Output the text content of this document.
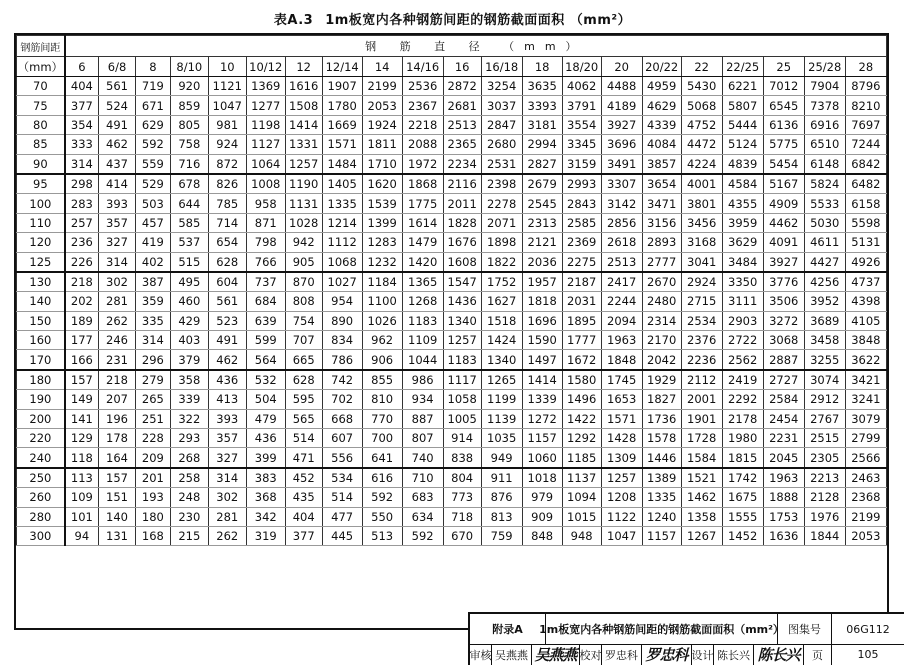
表A.3 1m板宽内各种钢筋间距的钢筋截面面积 （mm²）
钢筋间距	钢 筋 直 径 （mm）																				
（mm）	6	6/8	8	8/10	10	10/12	12	12/14	14	14/16	16	16/18	18	18/20	20	20/22	22	22/25	25	25/28	28
70	404	561	719	920	1121	1369	1616	1907	2199	2536	2872	3254	3635	4062	4488	4959	5430	6221	7012	7904	8796
75	377	524	671	859	1047	1277	1508	1780	2053	2367	2681	3037	3393	3791	4189	4629	5068	5807	6545	7378	8210
80	354	491	629	805	981	1198	1414	1669	1924	2218	2513	2847	3181	3554	3927	4339	4752	5444	6136	6916	7697
85	333	462	592	758	924	1127	1331	1571	1811	2088	2365	2680	2994	3345	3696	4084	4472	5124	5775	6510	7244
90	314	437	559	716	872	1064	1257	1484	1710	1972	2234	2531	2827	3159	3491	3857	4224	4839	5454	6148	6842
95	298	414	529	678	826	1008	1190	1405	1620	1868	2116	2398	2679	2993	3307	3654	4001	4584	5167	5824	6482
100	283	393	503	644	785	958	1131	1335	1539	1775	2011	2278	2545	2843	3142	3471	3801	4355	4909	5533	6158
110	257	357	457	585	714	871	1028	1214	1399	1614	1828	2071	2313	2585	2856	3156	3456	3959	4462	5030	5598
120	236	327	419	537	654	798	942	1112	1283	1479	1676	1898	2121	2369	2618	2893	3168	3629	4091	4611	5131
125	226	314	402	515	628	766	905	1068	1232	1420	1608	1822	2036	2275	2513	2777	3041	3484	3927	4427	4926
130	218	302	387	495	604	737	870	1027	1184	1365	1547	1752	1957	2187	2417	2670	2924	3350	3776	4256	4737
140	202	281	359	460	561	684	808	954	1100	1268	1436	1627	1818	2031	2244	2480	2715	3111	3506	3952	4398
150	189	262	335	429	523	639	754	890	1026	1183	1340	1518	1696	1895	2094	2314	2534	2903	3272	3689	4105
160	177	246	314	403	491	599	707	834	962	1109	1257	1424	1590	1777	1963	2170	2376	2722	3068	3458	3848
170	166	231	296	379	462	564	665	786	906	1044	1183	1340	1497	1672	1848	2042	2236	2562	2887	3255	3622
180	157	218	279	358	436	532	628	742	855	986	1117	1265	1414	1580	1745	1929	2112	2419	2727	3074	3421
190	149	207	265	339	413	504	595	702	810	934	1058	1199	1339	1496	1653	1827	2001	2292	2584	2912	3241
200	141	196	251	322	393	479	565	668	770	887	1005	1139	1272	1422	1571	1736	1901	2178	2454	2767	3079
220	129	178	228	293	357	436	514	607	700	807	914	1035	1157	1292	1428	1578	1728	1980	2231	2515	2799
240	118	164	209	268	327	399	471	556	641	740	838	949	1060	1185	1309	1446	1584	1815	2045	2305	2566
250	113	157	201	258	314	383	452	534	616	710	804	911	1018	1137	1257	1389	1521	1742	1963	2213	2463
260	109	151	193	248	302	368	435	514	592	683	773	876	979	1094	1208	1335	1462	1675	1888	2128	2368
280	101	140	180	230	281	342	404	477	550	634	718	813	909	1015	1122	1240	1358	1555	1753	1976	2199
300	94	131	168	215	262	319	377	445	513	592	670	759	848	948	1047	1157	1267	1452	1636	1844	2053
附录A	1m板宽内各种钢筋间距的钢筋截面面积（mm²） 图集号	06G112
审核 吴燕燕 吴燕燕 校对 罗忠科 罗忠科 设计 陈长兴 陈长兴	页	105
